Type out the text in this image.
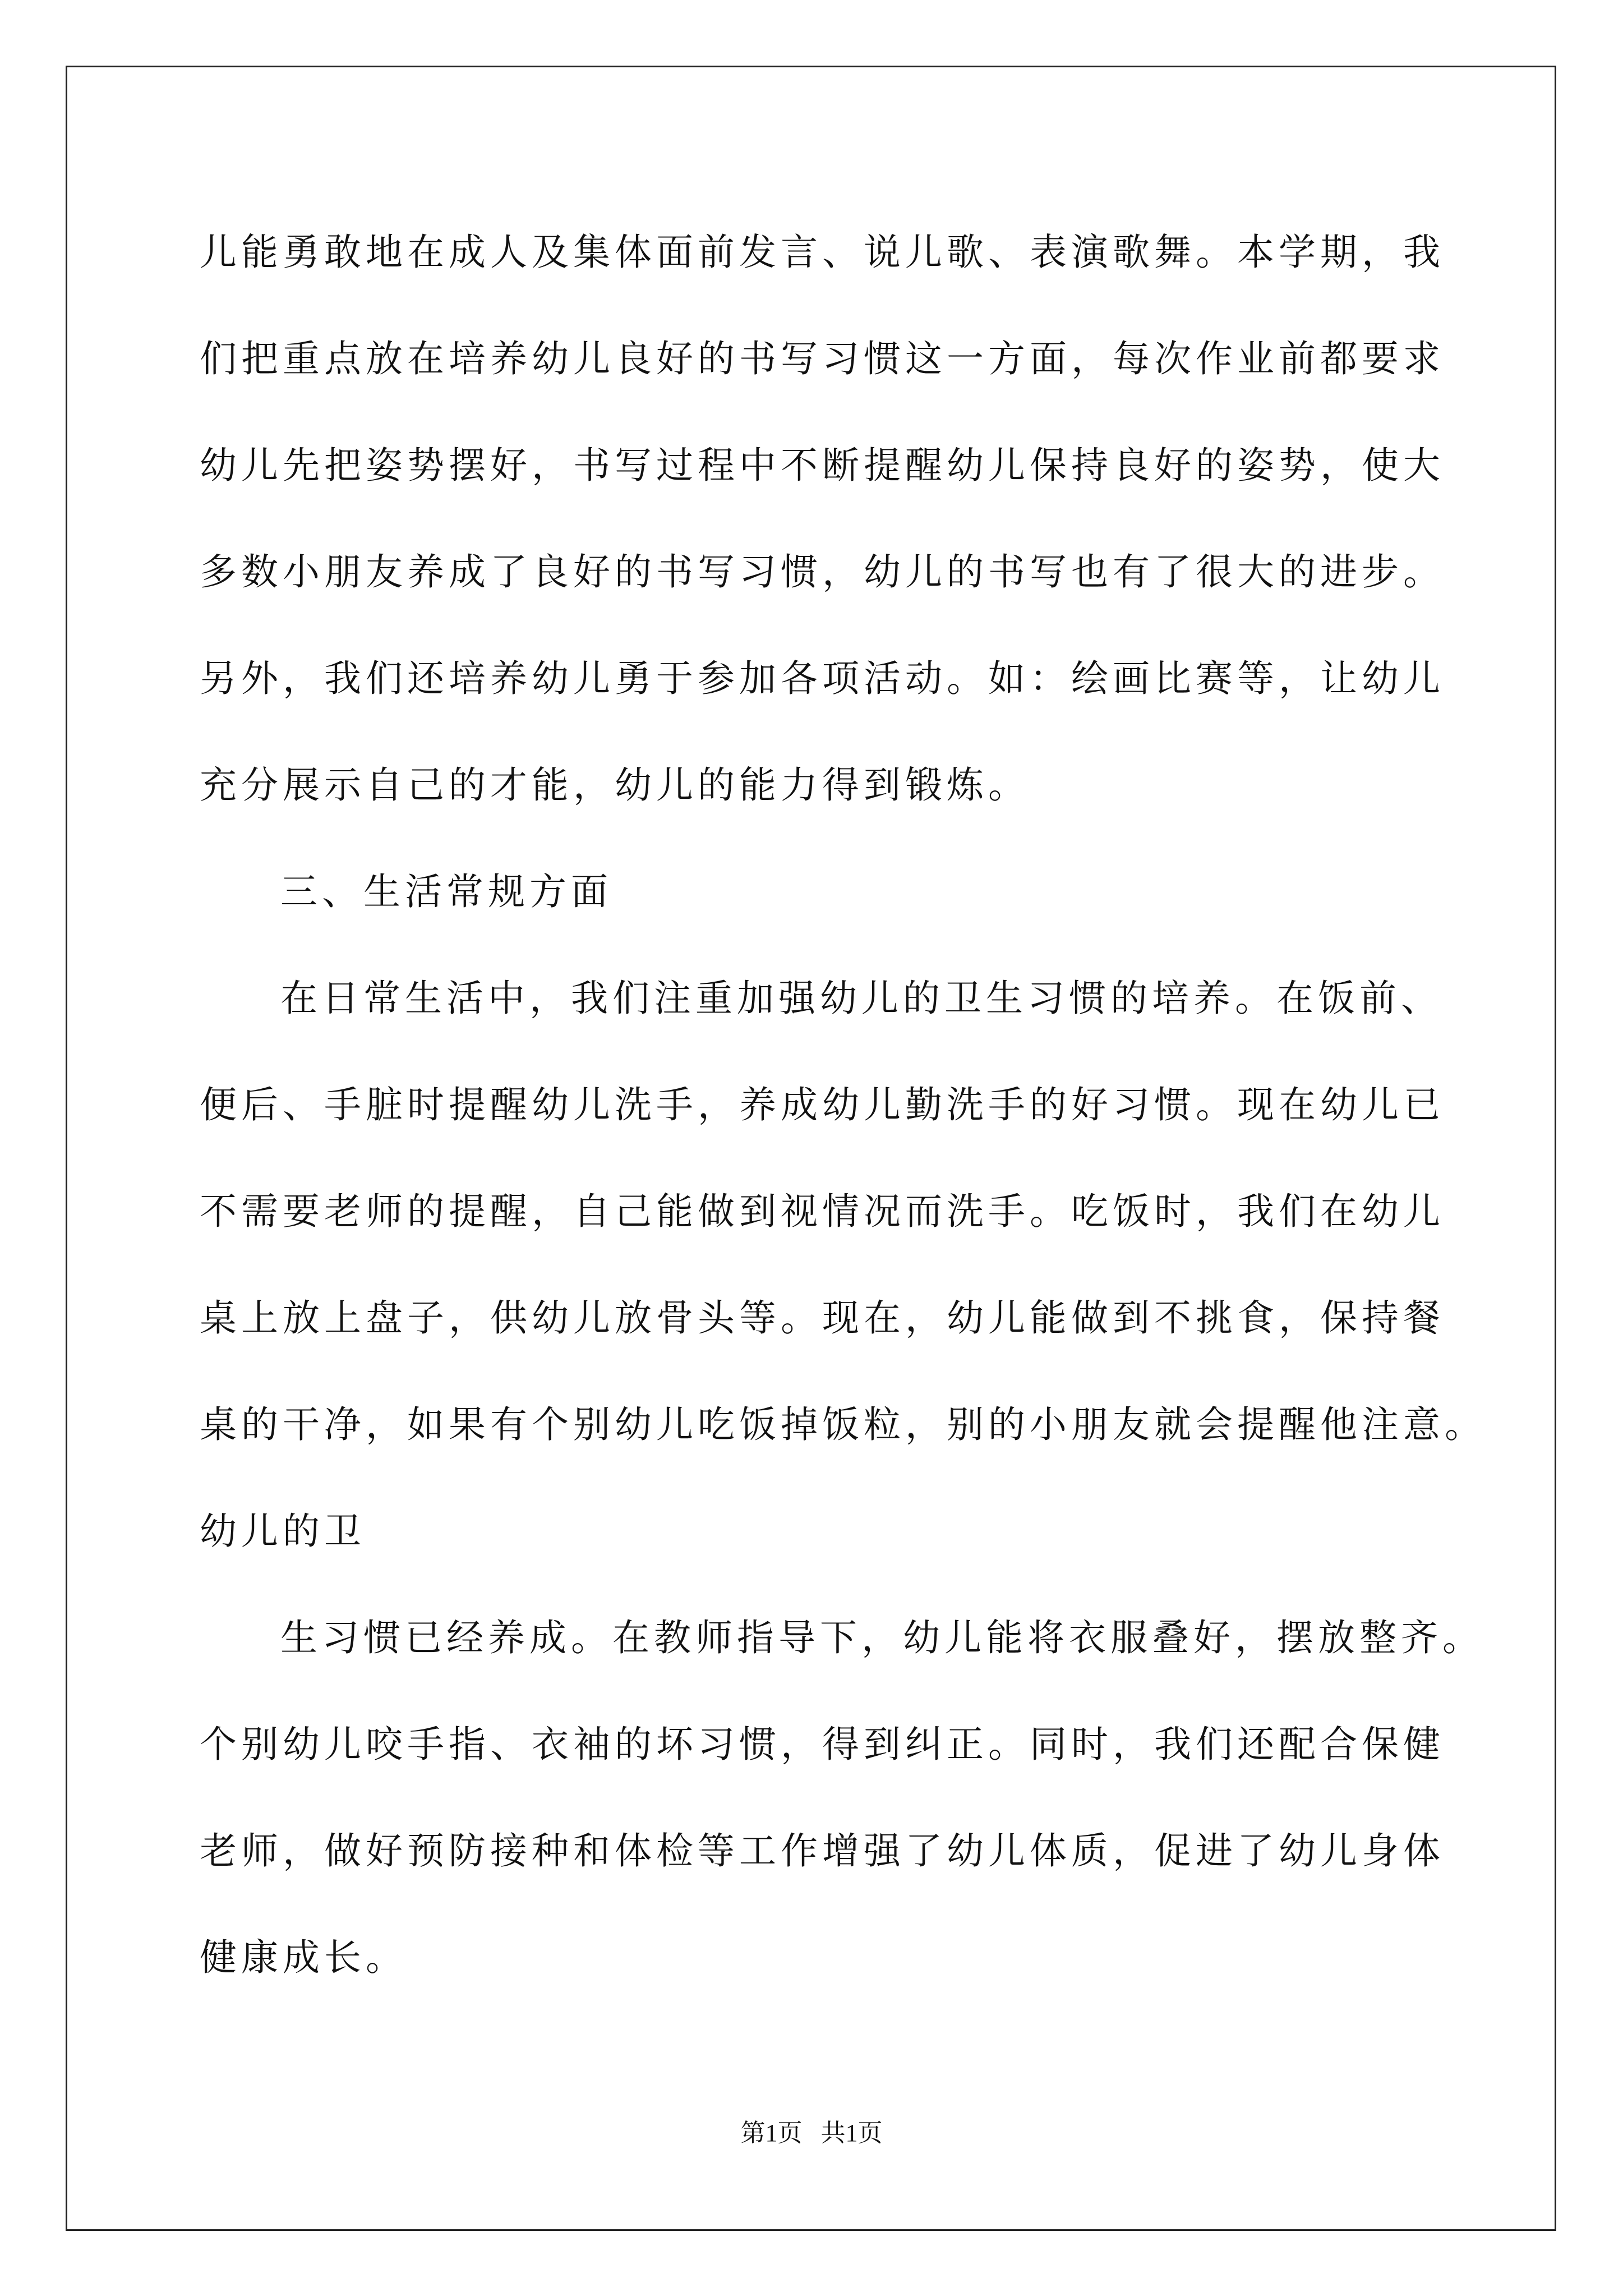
儿能勇敢地在成人及集体面前发言、说儿歌、表演歌舞。本学期，我
们把重点放在培养幼儿良好的书写习惯这一方面，每次作业前都要求
幼儿先把姿势摆好，书写过程中不断提醒幼儿保持良好的姿势，使大
多数小朋友养成了良好的书写习惯，幼儿的书写也有了很大的进步。
另外，我们还培养幼儿勇于参加各项活动。如：绘画比赛等，让幼儿
充分展示自己的才能，幼儿的能力得到锻炼。
三、生活常规方面
在日常生活中，我们注重加强幼儿的卫生习惯的培养。在饭前、
便后、手脏时提醒幼儿洗手，养成幼儿勤洗手的好习惯。现在幼儿已
不需要老师的提醒，自己能做到视情况而洗手。吃饭时，我们在幼儿
桌上放上盘子，供幼儿放骨头等。现在，幼儿能做到不挑食，保持餐
桌的干净，如果有个别幼儿吃饭掉饭粒，别的小朋友就会提醒他注意。
幼儿的卫
生习惯已经养成。在教师指导下，幼儿能将衣服叠好，摆放整齐。
个别幼儿咬手指、衣袖的坏习惯，得到纠正。同时，我们还配合保健
老师，做好预防接种和体检等工作增强了幼儿体质，促进了幼儿身体
健康成长。
第1页   共1页
